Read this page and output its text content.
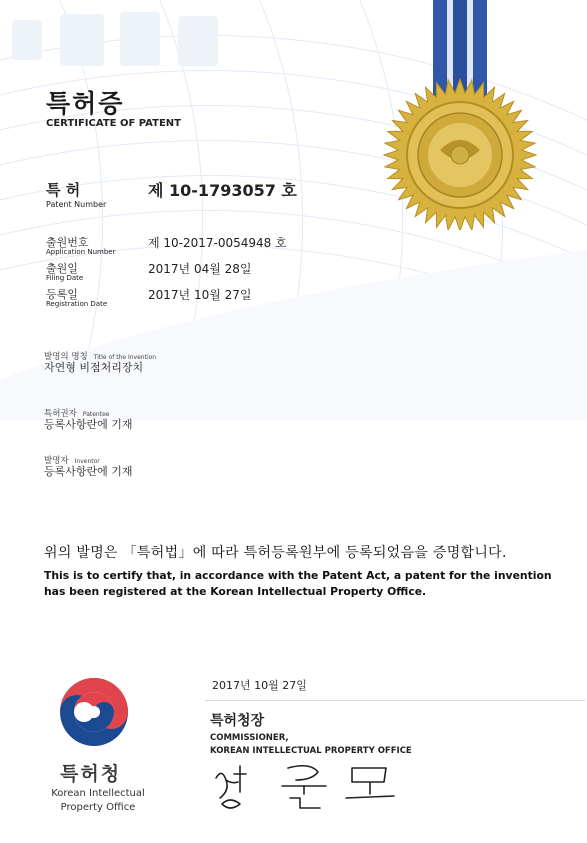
특허증
CERTIFICATE OF PATENT
특 허
Patent Number
제 10-1793057 호
출원번호
Application Number
제 10-2017-0054948 호
출원일
Filing Date
2017년 04월 28일
등록일
Registration Date
2017년 10월 27일
발명의 명칭 Title of the Invention
자연형 비점처리장치
특허권자 Patentee
등록사항란에 기재
발명자 Inventor
등록사항란에 기재
위의 발명은 「특허법」에 따라 특허등록원부에 등록되었음을 증명합니다.
This is to certify that, in accordance with the Patent Act, a patent for the invention
has been registered at the Korean Intellectual Property Office.
2017년 10월 27일
특허청장
COMMISSIONER,
KOREAN INTELLECTUAL PROPERTY OFFICE
특허청
Korean Intellectual
Property Office
